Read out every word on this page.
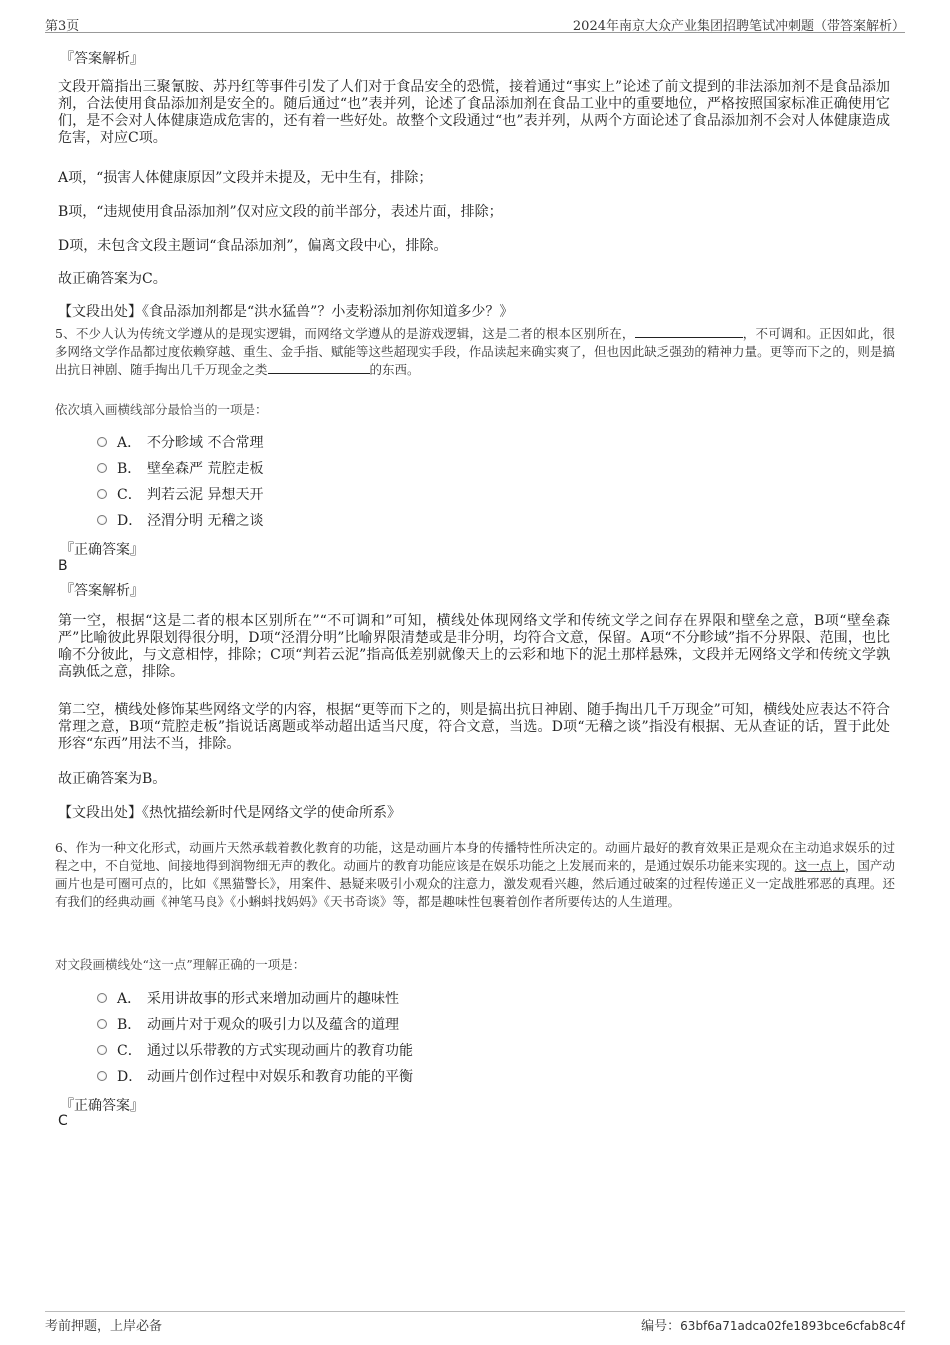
第3页	2024年南京大众产业集团招聘笔试冲刺题（带答案解析）
『答案解析』
文段开篇指出三聚氰胺、苏丹红等事件引发了人们对于食品安全的恐慌，接着通过“事实上”论述了前文提到的非法添加剂不是食品添加剂，合法使用食品添加剂是安全的。随后通过“也”表并列，论述了食品添加剂在食品工业中的重要地位，严格按照国家标准正确使用它们，是不会对人体健康造成危害的，还有着一些好处。故整个文段通过“也”表并列，从两个方面论述了食品添加剂不会对人体健康造成危害，对应C项。
A项，“损害人体健康原因”文段并未提及，无中生有，排除；
B项，“违规使用食品添加剂”仅对应文段的前半部分，表述片面，排除；
D项，未包含文段主题词“食品添加剂”，偏离文段中心，排除。
故正确答案为C。
【文段出处】《食品添加剂都是“洪水猛兽”？小麦粉添加剂你知道多少？》
5、不少人认为传统文学遵从的是现实逻辑，而网络文学遵从的是游戏逻辑，这是二者的根本区别所在，	，不可调和。正因如此，很多网络文学作品都过度依赖穿越、重生、金手指、赋能等这些超现实手段，作品读起来确实爽了，但也因此缺乏强劲的精神力量。更等而下之的，则是搞出抗日神剧、随手掏出几千万现金之类	的东西。
依次填入画横线部分最恰当的一项是：
A． 不分畛域 不合常理
B． 壁垒森严 荒腔走板
C． 判若云泥 异想天开
D． 泾渭分明 无稽之谈
『正确答案』
B
『答案解析』
第一空，根据“这是二者的根本区别所在”“不可调和”可知，横线处体现网络文学和传统文学之间存在界限和壁垒之意，B项“壁垒森严”比喻彼此界限划得很分明，D项“泾渭分明”比喻界限清楚或是非分明，均符合文意，保留。A项“不分畛域”指不分界限、范围，也比喻不分彼此，与文意相悖，排除；C项“判若云泥”指高低差别就像天上的云彩和地下的泥土那样悬殊，文段并无网络文学和传统文学孰高孰低之意，排除。
第二空，横线处修饰某些网络文学的内容，根据“更等而下之的，则是搞出抗日神剧、随手掏出几千万现金”可知，横线处应表达不符合常理之意，B项“荒腔走板”指说话离题或举动超出适当尺度，符合文意，当选。D项“无稽之谈”指没有根据、无从查证的话，置于此处形容“东西”用法不当，排除。
故正确答案为B。
【文段出处】《热忱描绘新时代是网络文学的使命所系》
6、作为一种文化形式，动画片天然承载着教化教育的功能，这是动画片本身的传播特性所决定的。动画片最好的教育效果正是观众在主动追求娱乐的过程之中，不自觉地、间接地得到润物细无声的教化。动画片的教育功能应该是在娱乐功能之上发展而来的，是通过娱乐功能来实现的。这一点上，国产动画片也是可圈可点的，比如《黑猫警长》，用案件、悬疑来吸引小观众的注意力，激发观看兴趣，然后通过破案的过程传递正义一定战胜邪恶的真理。还有我们的经典动画《神笔马良》《小蝌蚪找妈妈》《天书奇谈》等，都是趣味性包裹着创作者所要传达的人生道理。
对文段画横线处“这一点”理解正确的一项是：
A． 采用讲故事的形式来增加动画片的趣味性
B． 动画片对于观众的吸引力以及蕴含的道理
C． 通过以乐带教的方式实现动画片的教育功能
D． 动画片创作过程中对娱乐和教育功能的平衡
『正确答案』
C
考前押题，上岸必备	编号：63bf6a71adca02fe1893bce6cfab8c4f
